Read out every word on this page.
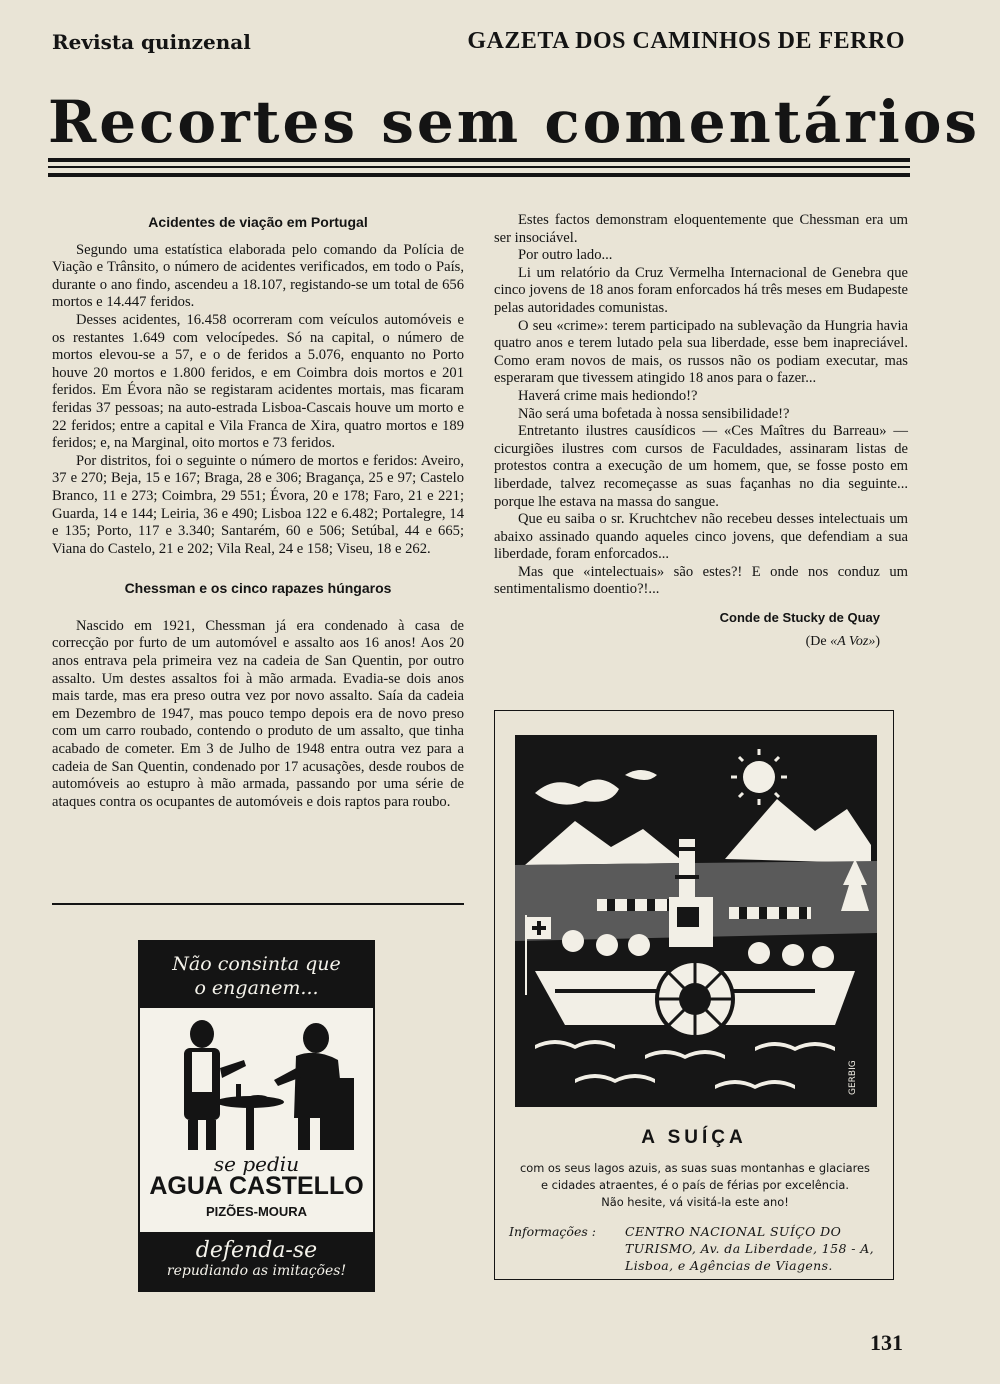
Revista quinzenal	GAZETA DOS CAMINHOS DE FERRO
Recortes sem comentários
Acidentes de viação em Portugal

Segundo uma estatística elaborada pelo comando da Polícia de Viação e Trânsito, o número de acidentes verificados, em todo o País, durante o ano findo, ascendeu a 18.107, registando-se um total de 656 mortos e 14.447 feridos.

Desses acidentes, 16.458 ocorreram com veículos automóveis e os restantes 1.649 com velocípedes. Só na capital, o número de mortos elevou-se a 57, e o de feridos a 5.076, enquanto no Porto houve 20 mortos e 1.800 feridos, e em Coimbra dois mortos e 201 feridos. Em Évora não se registaram acidentes mortais, mas ficaram feridas 37 pessoas; na auto-estrada Lisboa-Cascais houve um morto e 22 feridos; entre a capital e Vila Franca de Xira, quatro mortos e 189 feridos; e, na Marginal, oito mortos e 73 feridos.

Por distritos, foi o seguinte o número de mortos e feridos: Aveiro, 37 e 270; Beja, 15 e 167; Braga, 28 e 306; Bragança, 25 e 97; Castelo Branco, 11 e 273; Coimbra, 29 551; Évora, 20 e 178; Faro, 21 e 221; Guarda, 14 e 144; Leiria, 36 e 490; Lisboa 122 e 6.482; Portalegre, 14 e 135; Porto, 117 e 3.340; Santarém, 60 e 506; Setúbal, 44 e 665; Viana do Castelo, 21 e 202; Vila Real, 24 e 158; Viseu, 18 e 262.

Chessman e os cinco rapazes húngaros

Nascido em 1921, Chessman já era condenado à casa de correcção por furto de um automóvel e assalto aos 16 anos! Aos 20 anos entrava pela primeira vez na cadeia de San Quentin, por outro assalto. Um destes assaltos foi à mão armada. Evadia-se dois anos mais tarde, mas era preso outra vez por novo assalto. Saía da cadeia em Dezembro de 1947, mas pouco tempo depois era de novo preso com um carro roubado, contendo o produto de um assalto, que tinha acabado de cometer. Em 3 de Julho de 1948 entra outra vez para a cadeia de San Quentin, condenado por 17 acusações, desde roubos de automóveis ao estupro à mão armada, passando por uma série de ataques contra os ocupantes de automóveis e dois raptos para roubo.

Estes factos demonstram eloquentemente que Chessman era um ser insociável.

Por outro lado...

Li um relatório da Cruz Vermelha Internacional de Genebra que cinco jovens de 18 anos foram enforcados há três meses em Budapeste pelas autoridades comunistas.

O seu «crime»: terem participado na sublevação da Hungria havia quatro anos e terem lutado pela sua liberdade, esse bem inapreciável. Como eram novos de mais, os russos não os podiam executar, mas esperaram que tivessem atingido 18 anos para o fazer...

Haverá crime mais hediondo!?

Não será uma bofetada à nossa sensibilidade!?

Entretanto ilustres causídicos — «Ces Maîtres du Barreau» — cicurgiões ilustres com cursos de Faculdades, assinaram listas de protestos contra a execução de um homem, que, se fosse posto em liberdade, talvez recomeçasse as suas façanhas no dia seguinte... porque lhe estava na massa do sangue.

Que eu saiba o sr. Kruchtchev não recebeu desses intelectuais um abaixo assinado quando aqueles cinco jovens, que defendiam a sua liberdade, foram enforcados...

Mas que «intelectuais» são estes?! E onde nos conduz um sentimentalismo doentio?!...

Conde de Stucky de Quay
(De «A Voz»)
Não consinta que
o enganem...
se pediu
AGUA CASTELLO
PIZÕES-MOURA
defenda-se
repudiando as imitações!
GERBIG
A SUÍÇA
com os seus lagos azuis, as suas suas montanhas e glaciares
e cidades atraentes, é o país de férias por excelência.
Não hesite, vá visitá-la este ano!
Informações : CENTRO NACIONAL SUÍÇO DO TURISMO, Av. da Liberdade, 158 - A, Lisboa, e Agências de Viagens.
131
